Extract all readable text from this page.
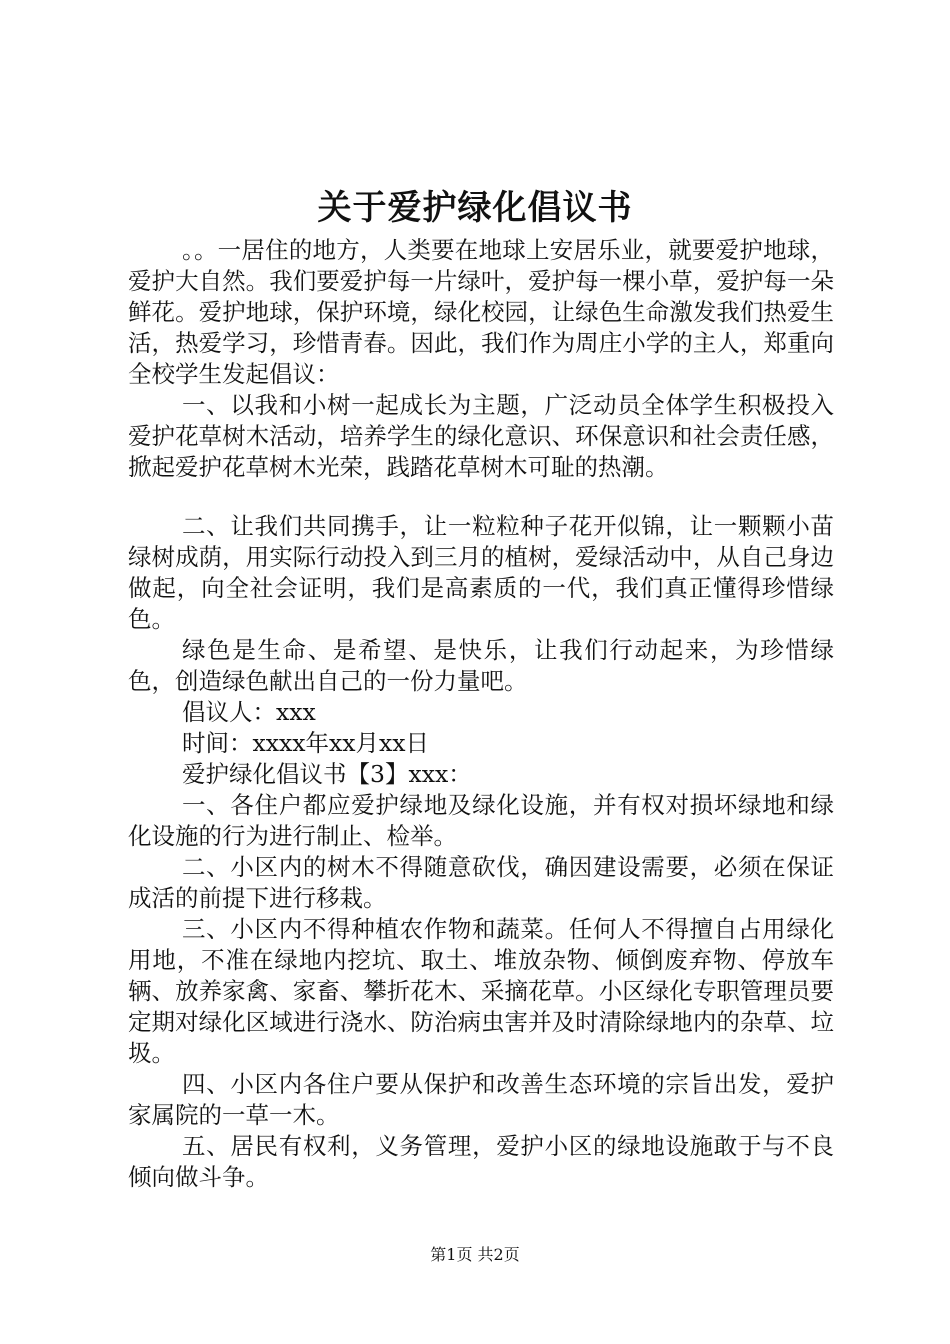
关于爱护绿化倡议书

。。一居住的地方，人类要在地球上安居乐业，就要爱护地球，爱护大自然。我们要爱护每一片绿叶，爱护每一棵小草，爱护每一朵鲜花。爱护地球，保护环境，绿化校园，让绿色生命激发我们热爱生活，热爱学习，珍惜青春。因此，我们作为周庄小学的主人，郑重向全校学生发起倡议：

一、以我和小树一起成长为主题，广泛动员全体学生积极投入爱护花草树木活动，培养学生的绿化意识、环保意识和社会责任感，掀起爱护花草树木光荣，践踏花草树木可耻的热潮。

二、让我们共同携手，让一粒粒种子花开似锦，让一颗颗小苗绿树成荫，用实际行动投入到三月的植树，爱绿活动中，从自己身边做起，向全社会证明，我们是高素质的一代，我们真正懂得珍惜绿色。

绿色是生命、是希望、是快乐，让我们行动起来，为珍惜绿色，创造绿色献出自己的一份力量吧。

倡议人：xxx

时间：xxxx年xx月xx日

爱护绿化倡议书【3】xxx：

一、各住户都应爱护绿地及绿化设施，并有权对损坏绿地和绿化设施的行为进行制止、检举。

二、小区内的树木不得随意砍伐，确因建设需要，必须在保证成活的前提下进行移栽。

三、小区内不得种植农作物和蔬菜。任何人不得擅自占用绿化用地，不准在绿地内挖坑、取土、堆放杂物、倾倒废弃物、停放车辆、放养家禽、家畜、攀折花木、采摘花草。小区绿化专职管理员要定期对绿化区域进行浇水、防治病虫害并及时清除绿地内的杂草、垃圾。

四、小区内各住户要从保护和改善生态环境的宗旨出发，爱护家属院的一草一木。

五、居民有权利，义务管理，爱护小区的绿地设施敢于与不良倾向做斗争。

第1页 共2页
